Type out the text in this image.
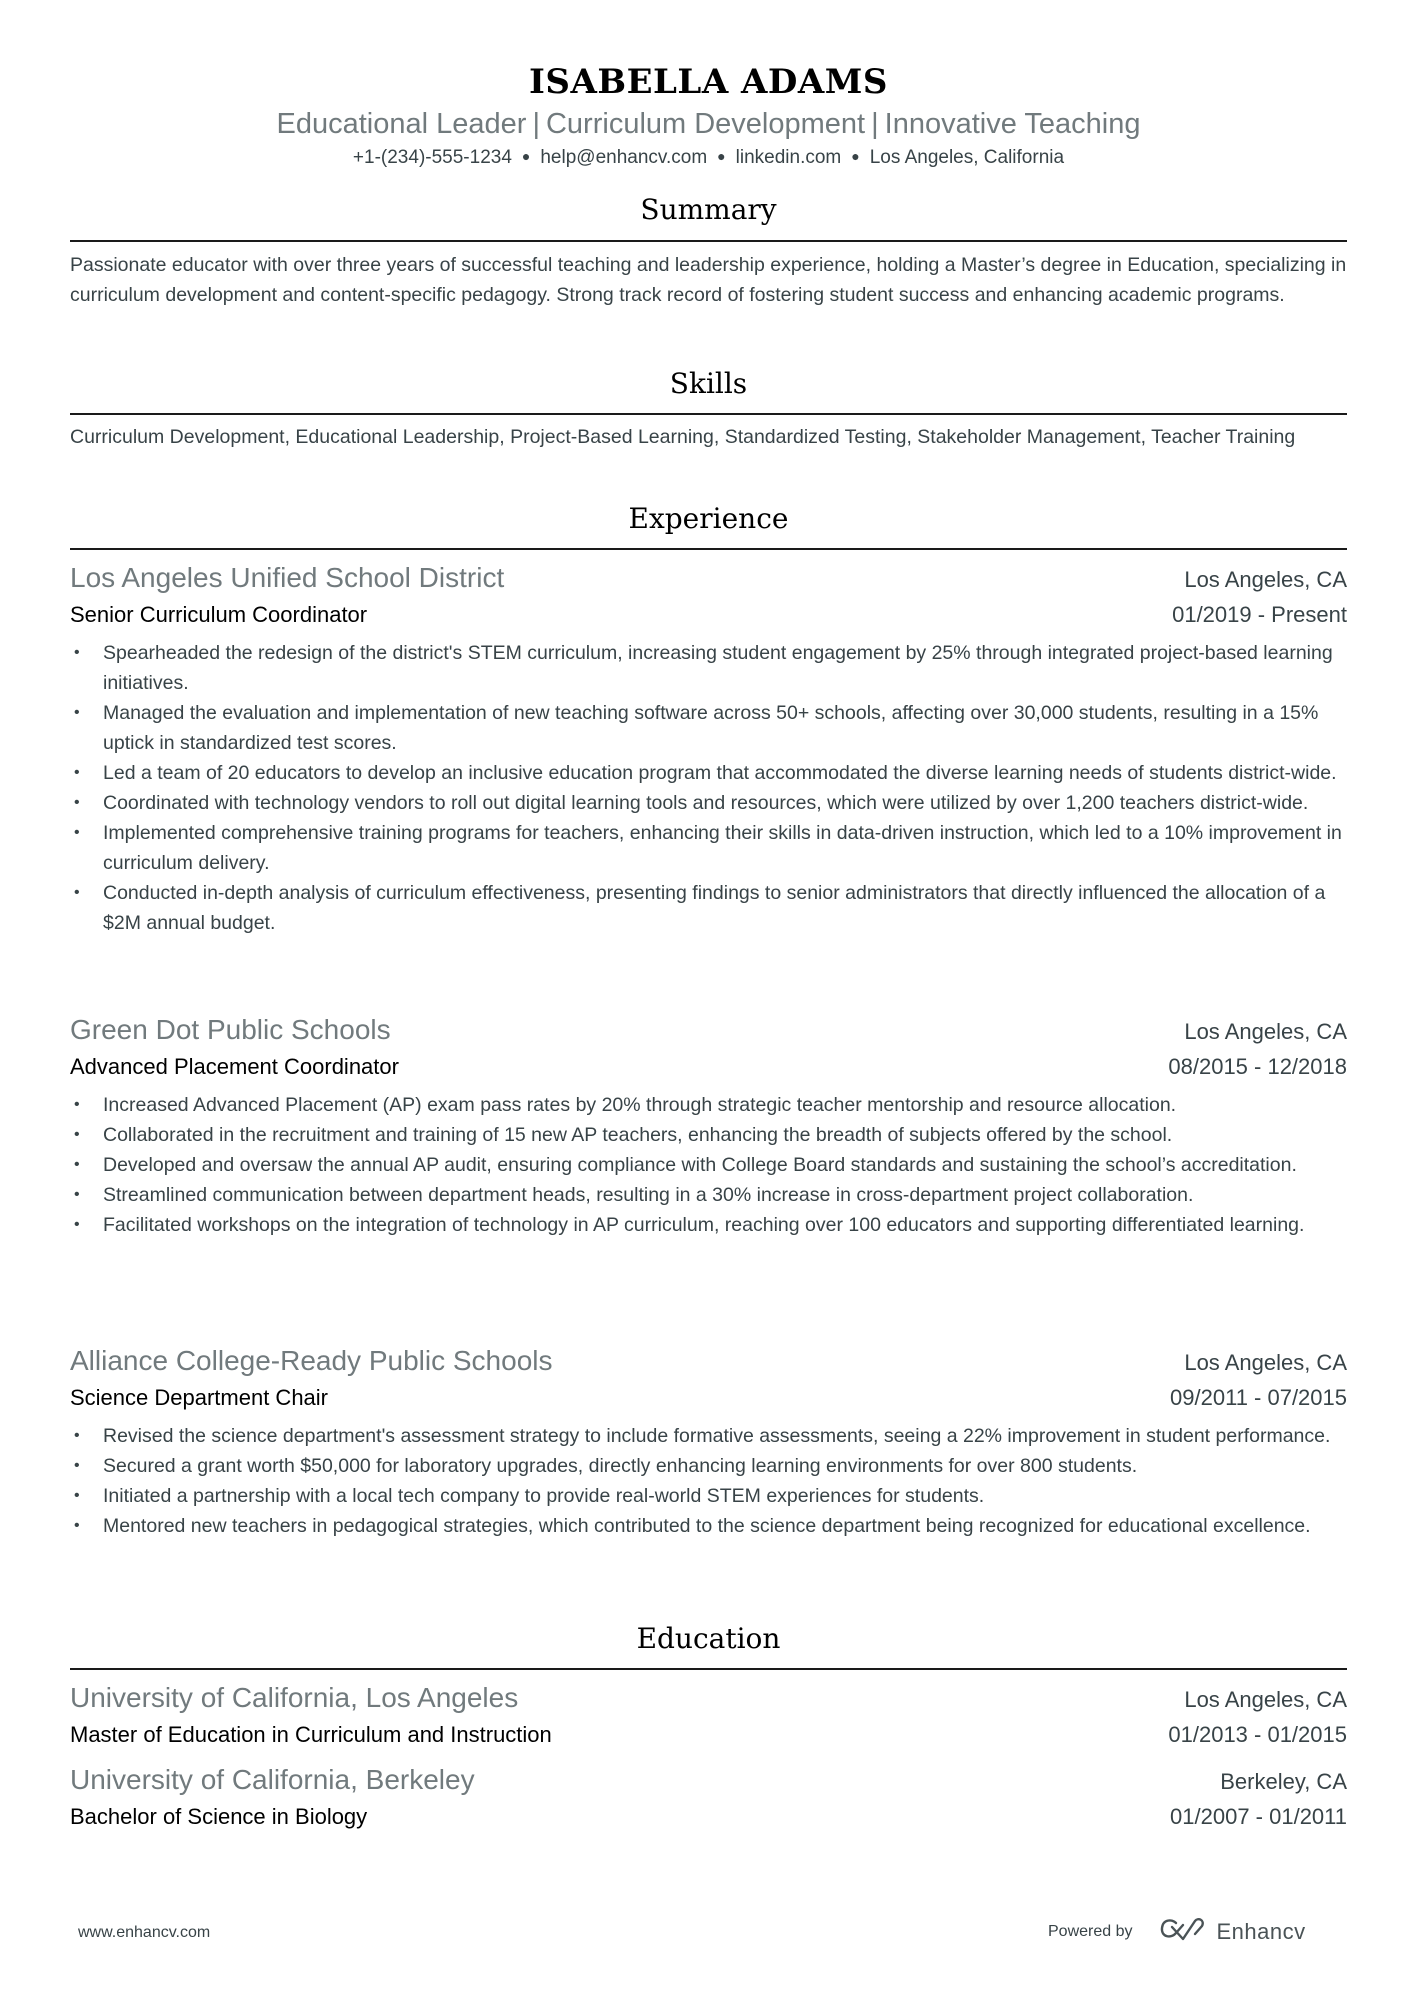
ISABELLA ADAMS
Educational Leader | Curriculum Development | Innovative Teaching
+1-(234)-555-1234 ● help@enhancv.com ● linkedin.com ● Los Angeles, California
Summary
Passionate educator with over three years of successful teaching and leadership experience, holding a Master’s degree in Education, specializing in curriculum development and content-specific pedagogy. Strong track record of fostering student success and enhancing academic programs.
Skills
Curriculum Development, Educational Leadership, Project-Based Learning, Standardized Testing, Stakeholder Management, Teacher Training
Experience
Los Angeles Unified School District	Los Angeles, CA
Senior Curriculum Coordinator	01/2019 - Present
• Spearheaded the redesign of the district's STEM curriculum, increasing student engagement by 25% through integrated project-based learning initiatives.
• Managed the evaluation and implementation of new teaching software across 50+ schools, affecting over 30,000 students, resulting in a 15% uptick in standardized test scores.
• Led a team of 20 educators to develop an inclusive education program that accommodated the diverse learning needs of students district-wide.
• Coordinated with technology vendors to roll out digital learning tools and resources, which were utilized by over 1,200 teachers district-wide.
• Implemented comprehensive training programs for teachers, enhancing their skills in data-driven instruction, which led to a 10% improvement in curriculum delivery.
• Conducted in-depth analysis of curriculum effectiveness, presenting findings to senior administrators that directly influenced the allocation of a $2M annual budget.
Green Dot Public Schools	Los Angeles, CA
Advanced Placement Coordinator	08/2015 - 12/2018
• Increased Advanced Placement (AP) exam pass rates by 20% through strategic teacher mentorship and resource allocation.
• Collaborated in the recruitment and training of 15 new AP teachers, enhancing the breadth of subjects offered by the school.
• Developed and oversaw the annual AP audit, ensuring compliance with College Board standards and sustaining the school’s accreditation.
• Streamlined communication between department heads, resulting in a 30% increase in cross-department project collaboration.
• Facilitated workshops on the integration of technology in AP curriculum, reaching over 100 educators and supporting differentiated learning.
Alliance College-Ready Public Schools	Los Angeles, CA
Science Department Chair	09/2011 - 07/2015
• Revised the science department's assessment strategy to include formative assessments, seeing a 22% improvement in student performance.
• Secured a grant worth $50,000 for laboratory upgrades, directly enhancing learning environments for over 800 students.
• Initiated a partnership with a local tech company to provide real-world STEM experiences for students.
• Mentored new teachers in pedagogical strategies, which contributed to the science department being recognized for educational excellence.
Education
University of California, Los Angeles	Los Angeles, CA
Master of Education in Curriculum and Instruction	01/2013 - 01/2015
University of California, Berkeley	Berkeley, CA
Bachelor of Science in Biology	01/2007 - 01/2011
www.enhancv.com	Powered by	Enhancv
